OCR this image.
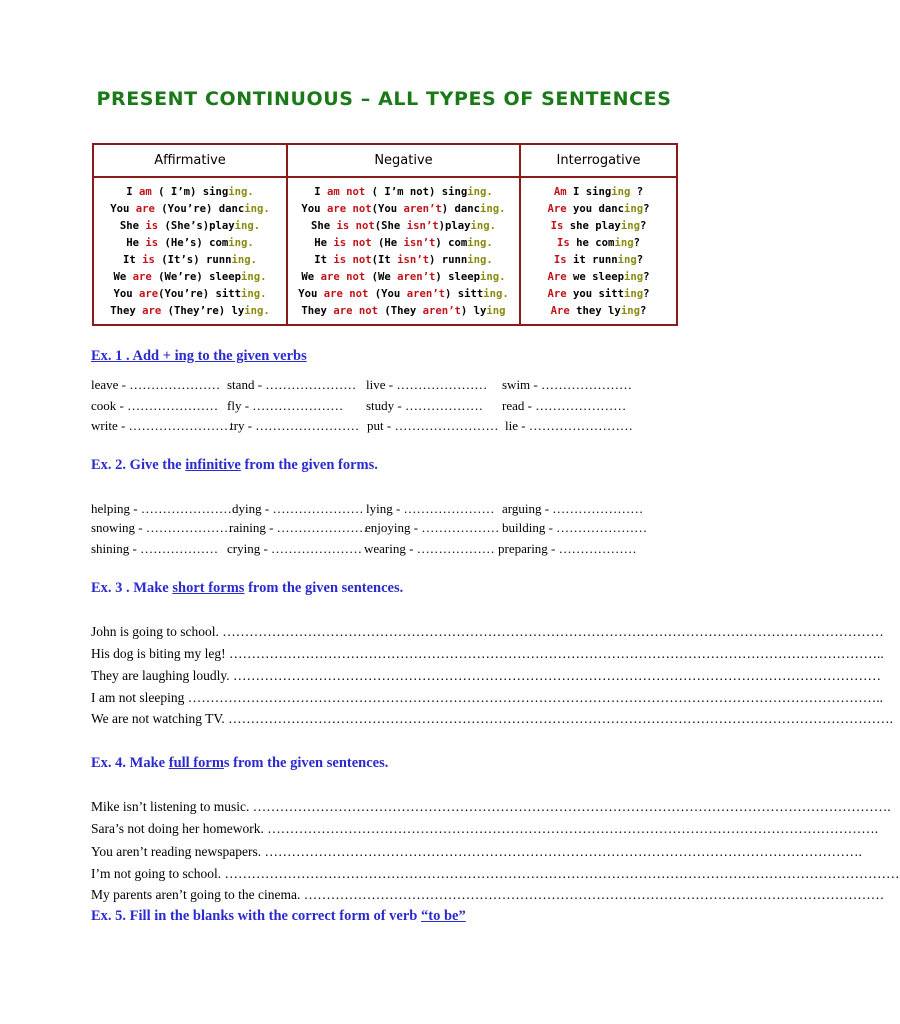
PRESENT CONTINUOUS – ALL TYPES OF SENTENCES
Affirmative	Negative	Interrogative
I am ( I’m) singing.
You are (You’re) dancing.
She is (She’s)playing.
He is (He’s) coming.
It is (It’s) running.
We are (We’re) sleeping.
You are(You’re) sitting.
They are (They’re) lying.
I am not ( I’m not) singing.
You are not(You aren’t) dancing.
She is not(She isn’t)playing.
He is not (He isn’t) coming.
It is not(It isn’t) running.
We are not (We aren’t) sleeping.
You are not (You aren’t) sitting.
They are not (They aren’t) lying
Am I singing ?
Are you dancing?
Is she playing?
Is he coming?
Is it running?
Are we sleeping?
Are you sitting?
Are they lying?
Ex. 1 . Add + ing to the given verbs
leave - ………………… stand - ………………… live - ………………… swim - …………………
cook - ………………… fly - ………………… study - ……………… read - …………………
write - ……………………
try - …………………… put - …………………… lie - ……………………
Ex. 2. Give the infinitive from the given forms.
helping - ………………… dying - ………………… lying - ………………… arguing - …………………
snowing - …………………
raining - …………………
enjoying - ……………… building - …………………
shining - ……………… crying - ………………… wearing - ……………… preparing - ………………
Ex. 3 . Make short forms from the given sentences.
John is going to school. …………………………………………………………………………………………………………………………………
His dog is biting my leg! ………………………………………………………………………………………………………………………………..
They are laughing loudly. ………………………………………………………………………………………………………………………………
I am not sleeping ………………………………………………………………………………………………………………………………………..
We are not watching TV. ………………………………………………………………………………………………………………………………….
Ex. 4. Make full forms from the given sentences.
Mike isn’t listening to music. …………………………………………………………………………………………………………………………….
Sara’s not doing her homework. ……………………………………………………………………………………………………………………….
You aren’t reading newspapers. …………………………………………………………………………………………………………………….
I’m not going to school. ……………………………………………………………………………………………………………………………………
My parents aren’t going to the cinema. …………………………………………………………………………………………………………………
Ex. 5. Fill in the blanks with the correct form of verb “to be”
